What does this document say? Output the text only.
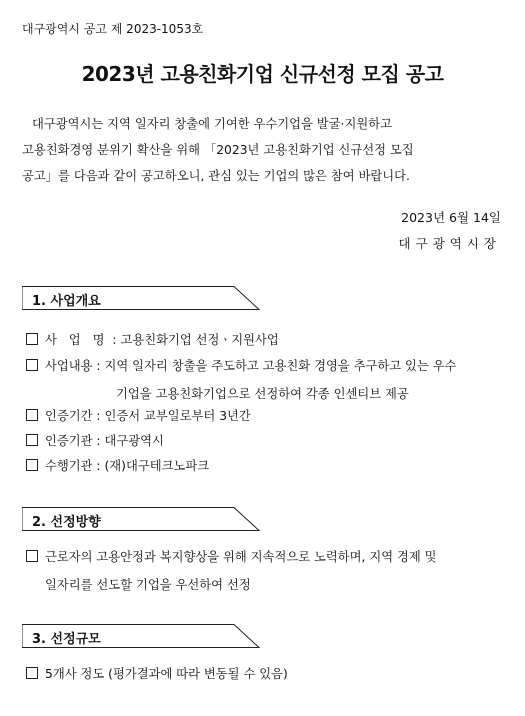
대구광역시 공고 제 2023-1053호
2023년 고용친화기업 신규선정 모집 공고

대구광역시는 지역 일자리 창출에 기여한 우수기업을 발굴·지원하고

고용친화경영 분위기 확산을 위해 「2023년 고용친화기업 신규선정 모집

공고」를 다음과 같이 공고하오니, 관심 있는 기업의 많은 참여 바랍니다.

2023년 6월 14일
대구광역시장
1. 사업개요
사 업 명 : 고용친화기업 선정ㆍ지원사업
사업내용 : 지역 일자리 창출을 주도하고 고용친화 경영을 추구하고 있는 우수
기업을 고용친화기업으로 선정하여 각종 인센티브 제공
인증기간 : 인증서 교부일로부터 3년간
인증기관 : 대구광역시
수행기관 : (재)대구테크노파크
2. 선정방향
근로자의 고용안정과 복지향상을 위해 지속적으로 노력하며, 지역 경제 및
일자리를 선도할 기업을 우선하여 선정
3. 선정규모
5개사 정도 (평가결과에 따라 변동될 수 있음)
